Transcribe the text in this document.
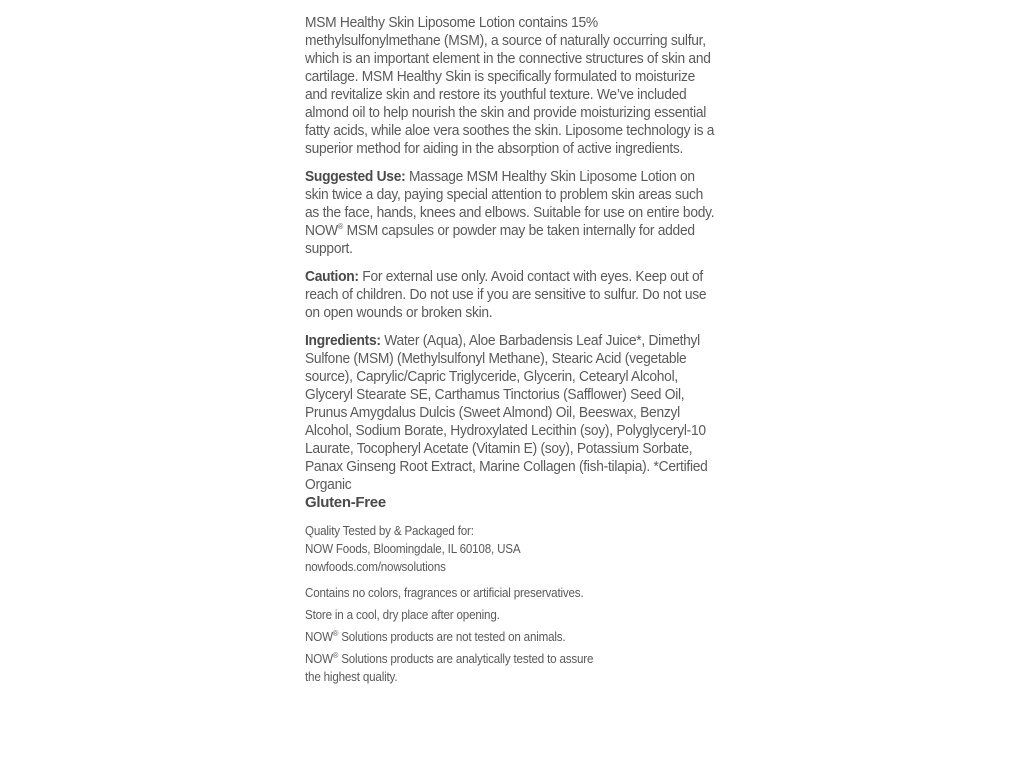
MSM Healthy Skin Liposome Lotion contains 15% methylsulfonylmethane (MSM), a source of naturally occurring sulfur, which is an important element in the connective structures of skin and cartilage. MSM Healthy Skin is specifically formulated to moisturize and revitalize skin and restore its youthful texture. We’ve included almond oil to help nourish the skin and provide moisturizing essential fatty acids, while aloe vera soothes the skin. Liposome technology is a superior method for aiding in the absorption of active ingredients.

Suggested Use: Massage MSM Healthy Skin Liposome Lotion on skin twice a day, paying special attention to problem skin areas such as the face, hands, knees and elbows. Suitable for use on entire body. NOW® MSM capsules or powder may be taken internally for added support.

Caution: For external use only. Avoid contact with eyes. Keep out of reach of children. Do not use if you are sensitive to sulfur. Do not use on open wounds or broken skin.

Ingredients: Water (Aqua), Aloe Barbadensis Leaf Juice*, Dimethyl Sulfone (MSM) (Methylsulfonyl Methane), Stearic Acid (vegetable source), Caprylic/Capric Triglyceride, Glycerin, Cetearyl Alcohol, Glyceryl Stearate SE, Carthamus Tinctorius (Safflower) Seed Oil, Prunus Amygdalus Dulcis (Sweet Almond) Oil, Beeswax, Benzyl Alcohol, Sodium Borate, Hydroxylated Lecithin (soy), Polyglyceryl-10 Laurate, Tocopheryl Acetate (Vitamin E) (soy), Potassium Sorbate, Panax Ginseng Root Extract, Marine Collagen (fish-tilapia). *Certified Organic

Gluten-Free

Quality Tested by & Packaged for:
NOW Foods, Bloomingdale, IL 60108, USA
nowfoods.com/nowsolutions
Contains no colors, fragrances or artificial preservatives.
Store in a cool, dry place after opening.
NOW® Solutions products are not tested on animals.
NOW® Solutions products are analytically tested to assure
the highest quality.
